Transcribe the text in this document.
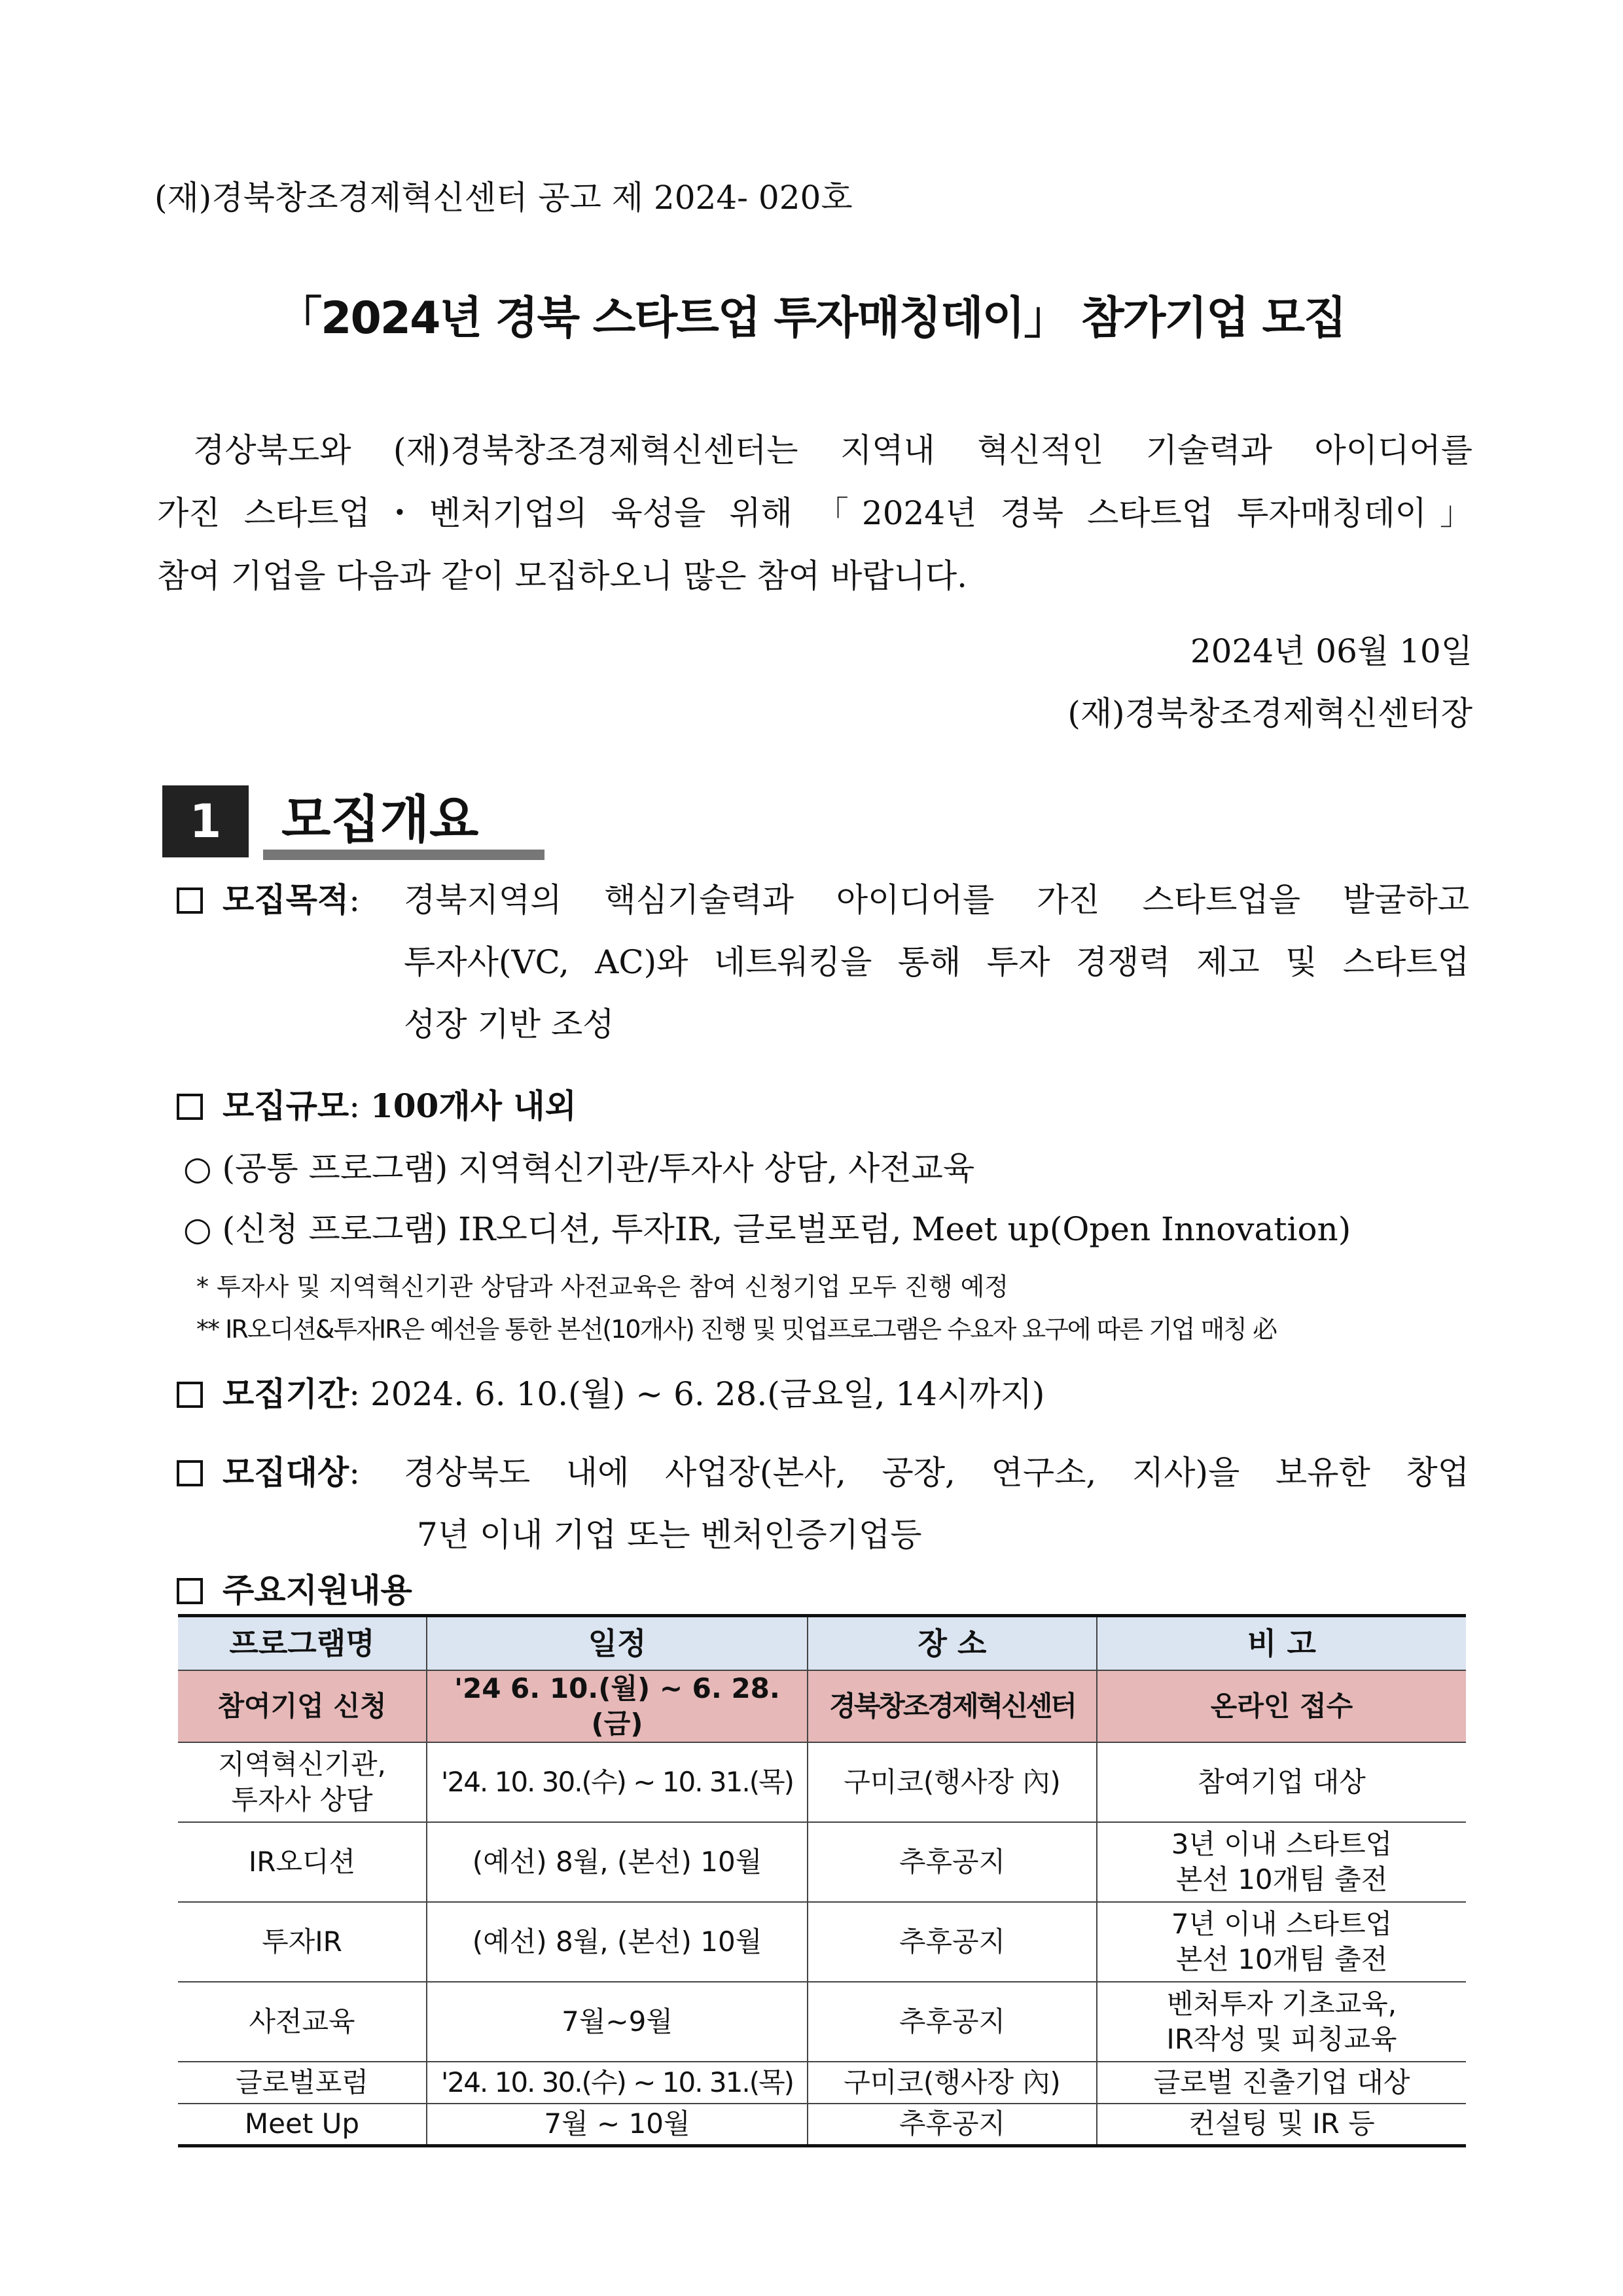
(재)경북창조경제혁신센터 공고 제 2024- 020호
「2024년 경북 스타트업 투자매칭데이」 참가기업 모집
경상북도와 (재)경북창조경제혁신센터는 지역내 혁신적인 기술력과 아이디어를
가진 스타트업・벤처기업의 육성을 위해 「2024년 경북 스타트업 투자매칭데이」
참여 기업을 다음과 같이 모집하오니 많은 참여 바랍니다.
2024년 06월 10일
(재)경북창조경제혁신센터장
1	모집개요
모집목적: 경북지역의 핵심기술력과 아이디어를 가진 스타트업을 발굴하고
투자사(VC, AC)와 네트워킹을 통해 투자 경쟁력 제고 및 스타트업
성장 기반 조성
모집규모: 100개사 내외
○ (공통 프로그램) 지역혁신기관/투자사 상담, 사전교육
○ (신청 프로그램) IR오디션, 투자IR, 글로벌포럼, Meet up(Open Innovation)
* 투자사 및 지역혁신기관 상담과 사전교육은 참여 신청기업 모두 진행 예정
** IR오디션&투자IR은 예선을 통한 본선(10개사) 진행 및 밋업프로그램은 수요자 요구에 따른 기업 매칭 必
모집기간: 2024. 6. 10.(월) ~ 6. 28.(금요일, 14시까지)
모집대상: 경상북도 내에 사업장(본사, 공장, 연구소, 지사)을 보유한 창업
7년 이내 기업 또는 벤처인증기업등
주요지원내용
프로그램명	일정	장 소	비 고
참여기업 신청	'24 6. 10.(월) ~ 6. 28.(금)	경북창조경제혁신센터	온라인 접수
지역혁신기관,
투자사 상담	'24. 10. 30.(수) ~ 10. 31.(목)	구미코(행사장 內)	참여기업 대상
IR오디션	(예선) 8월, (본선) 10월	추후공지	3년 이내 스타트업
본선 10개팀 출전
투자IR	(예선) 8월, (본선) 10월	추후공지	7년 이내 스타트업
본선 10개팀 출전
사전교육	7월~9월	추후공지	벤처투자 기초교육,
IR작성 및 피칭교육
글로벌포럼	'24. 10. 30.(수) ~ 10. 31.(목)	구미코(행사장 內)	글로벌 진출기업 대상
Meet Up	7월 ~ 10월	추후공지	컨설팅 및 IR 등
